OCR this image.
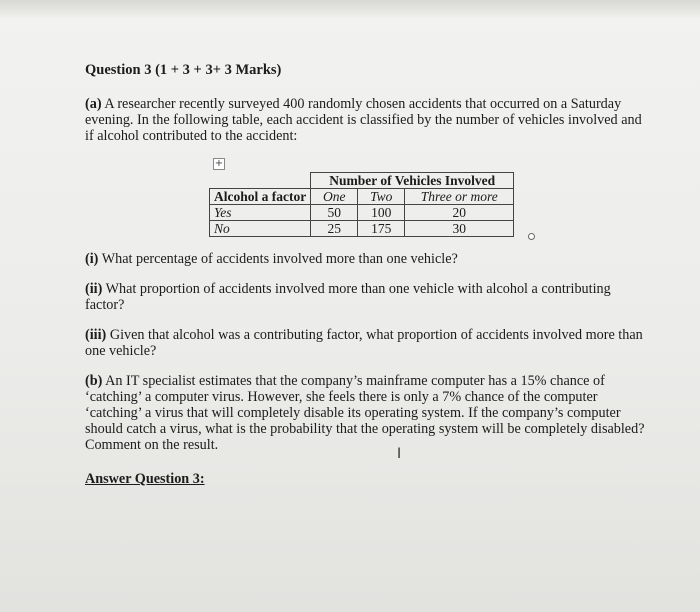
Question 3 (1 + 3 + 3+ 3 Marks)

(a) A researcher recently surveyed 400 randomly chosen accidents that occurred on a Saturday evening. In the following table, each accident is classified by the number of vehicles involved and if alcohol contributed to the accident:

+
	Number of Vehicles Involved		
Alcohol a factor	One	Two	Three or more
Yes	50	100	20
No	25	175	30

(i) What percentage of accidents involved more than one vehicle?

(ii) What proportion of accidents involved more than one vehicle with alcohol a contributing factor?

(iii) Given that alcohol was a contributing factor, what proportion of accidents involved more than one vehicle?

(b) An IT specialist estimates that the company’s mainframe computer has a 15% chance of ‘catching’ a computer virus. However, she feels there is only a 7% chance of the computer ‘catching’ a virus that will completely disable its operating system. If the company’s computer should catch a virus, what is the probability that the operating system will be completely disabled? Comment on the result.

Answer Question 3:

I
